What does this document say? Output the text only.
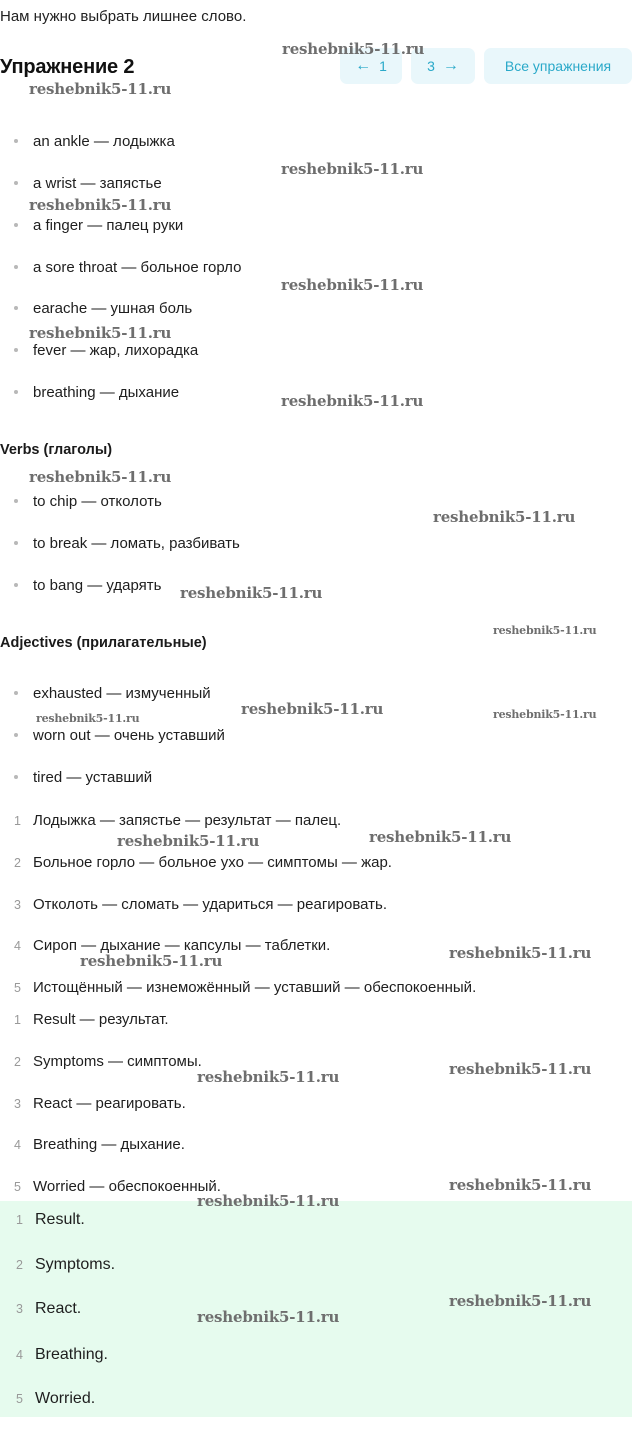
Нам нужно выбрать лишнее слово.
Упражнение 2	← 1	3 →	Все упражнения
an ankle — лодыжка
a wrist — запястье
a finger — палец руки
a sore throat — больное горло
earache — ушная боль
fever — жар, лихорадка
breathing — дыхание
Verbs (глаголы)
to chip — отколоть
to break — ломать, разбивать
to bang — ударять
Adjectives (прилагательные)
exhausted — измученный
worn out — очень уставший
tired — уставший
1 Лодыжка — запястье — результат — палец.
2 Больное горло — больное ухо — симптомы — жар.
3 Отколоть — сломать — удариться — реагировать.
4 Сироп — дыхание — капсулы — таблетки.
5 Истощённый — изнеможённый — уставший — обеспокоенный.
1 Result — результат.
2 Symptoms — симптомы.
3 React — реагировать.
4 Breathing — дыхание.
5 Worried — обеспокоенный.
1 Result.
2 Symptoms.
3 React.
4 Breathing.
5 Worried.
reshebnik5-11.ru
reshebnik5-11.ru
reshebnik5-11.ru
reshebnik5-11.ru
reshebnik5-11.ru
reshebnik5-11.ru
reshebnik5-11.ru
reshebnik5-11.ru
reshebnik5-11.ru
reshebnik5-11.ru
reshebnik5-11.ru
reshebnik5-11.ru
reshebnik5-11.ru	reshebnik5-11.ru
reshebnik5-11.ru	reshebnik5-11.ru
reshebnik5-11.ru	reshebnik5-11.ru
reshebnik5-11.ru	reshebnik5-11.ru
reshebnik5-11.ru
reshebnik5-11.ru
reshebnik5-11.ru
reshebnik5-11.ru
